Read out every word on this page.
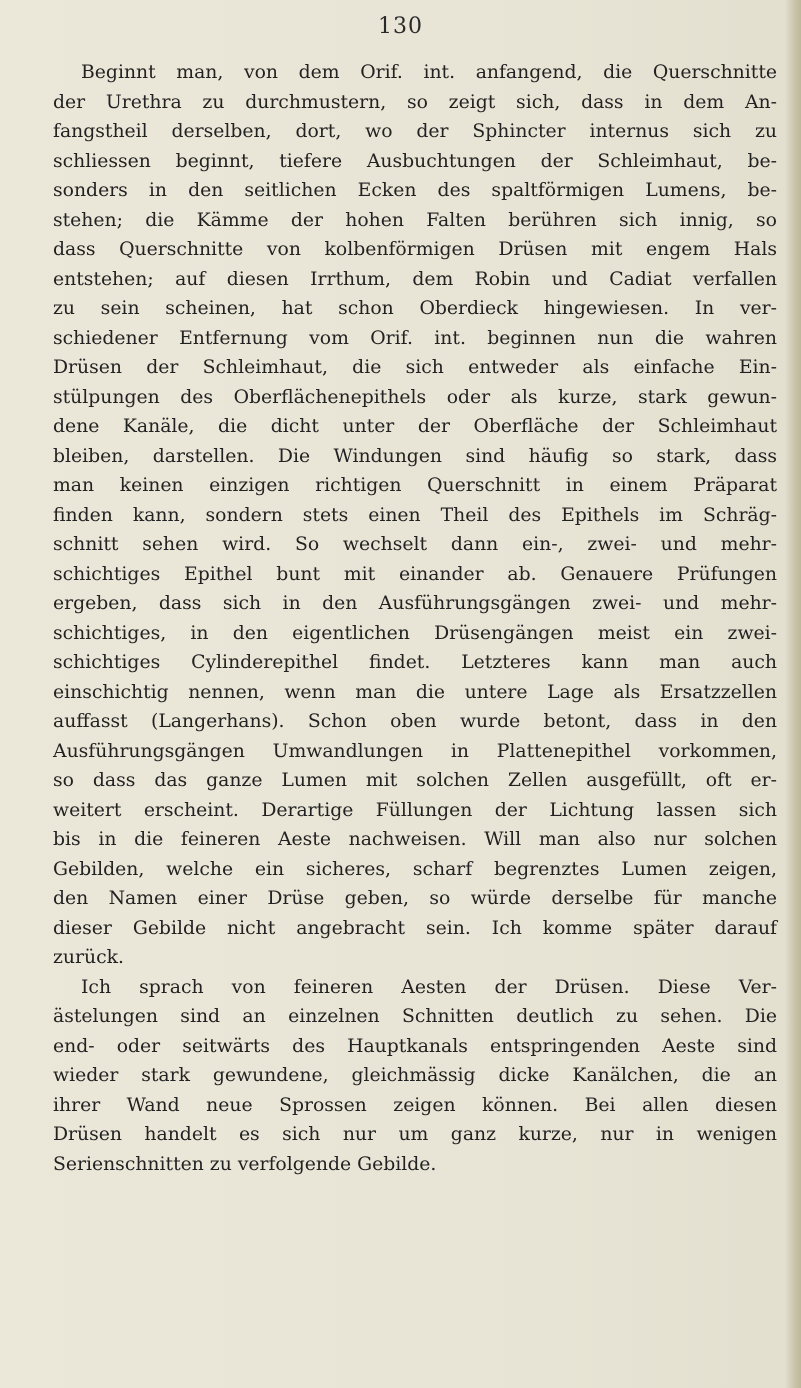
130
Beginnt man, von dem Orif. int. anfangend, die Querschnitte
der Urethra zu durchmustern, so zeigt sich, dass in dem An-
fangstheil derselben, dort, wo der Sphincter internus sich zu
schliessen beginnt, tiefere Ausbuchtungen der Schleimhaut, be-
sonders in den seitlichen Ecken des spaltförmigen Lumens, be-
stehen; die Kämme der hohen Falten berühren sich innig, so
dass Querschnitte von kolbenförmigen Drüsen mit engem Hals
entstehen; auf diesen Irrthum, dem Robin und Cadiat verfallen
zu sein scheinen, hat schon Oberdieck hingewiesen. In ver-
schiedener Entfernung vom Orif. int. beginnen nun die wahren
Drüsen der Schleimhaut, die sich entweder als einfache Ein-
stülpungen des Oberflächenepithels oder als kurze, stark gewun-
dene Kanäle, die dicht unter der Oberfläche der Schleimhaut
bleiben, darstellen. Die Windungen sind häufig so stark, dass
man keinen einzigen richtigen Querschnitt in einem Präparat
finden kann, sondern stets einen Theil des Epithels im Schräg-
schnitt sehen wird. So wechselt dann ein-, zwei- und mehr-
schichtiges Epithel bunt mit einander ab. Genauere Prüfungen
ergeben, dass sich in den Ausführungsgängen zwei- und mehr-
schichtiges, in den eigentlichen Drüsengängen meist ein zwei-
schichtiges Cylinderepithel findet. Letzteres kann man auch
einschichtig nennen, wenn man die untere Lage als Ersatzzellen
auffasst (Langerhans). Schon oben wurde betont, dass in den
Ausführungsgängen Umwandlungen in Plattenepithel vorkommen,
so dass das ganze Lumen mit solchen Zellen ausgefüllt, oft er-
weitert erscheint. Derartige Füllungen der Lichtung lassen sich
bis in die feineren Aeste nachweisen. Will man also nur solchen
Gebilden, welche ein sicheres, scharf begrenztes Lumen zeigen,
den Namen einer Drüse geben, so würde derselbe für manche
dieser Gebilde nicht angebracht sein. Ich komme später darauf
zurück.
Ich sprach von feineren Aesten der Drüsen. Diese Ver-
ästelungen sind an einzelnen Schnitten deutlich zu sehen. Die
end- oder seitwärts des Hauptkanals entspringenden Aeste sind
wieder stark gewundene, gleichmässig dicke Kanälchen, die an
ihrer Wand neue Sprossen zeigen können. Bei allen diesen
Drüsen handelt es sich nur um ganz kurze, nur in wenigen
Serienschnitten zu verfolgende Gebilde.
